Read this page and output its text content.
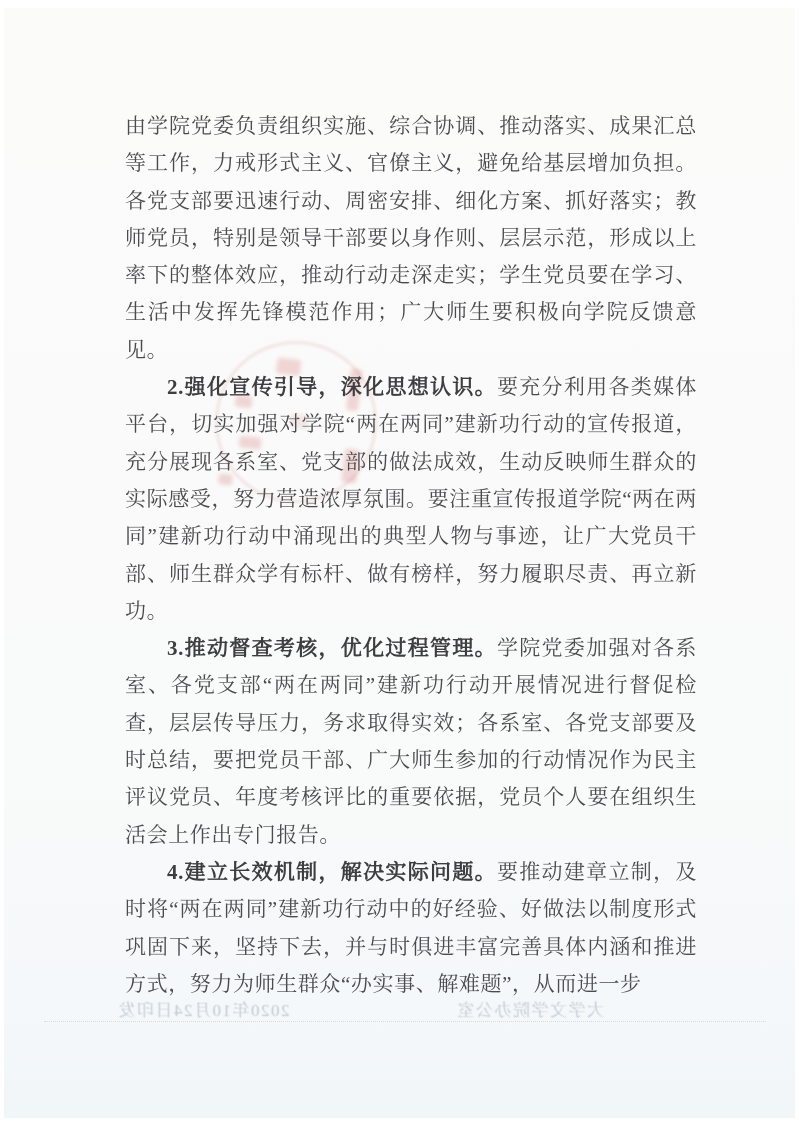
由学院党委负责组织实施、综合协调、推动落实、成果汇总等工作，力戒形式主义、官僚主义，避免给基层增加负担。各党支部要迅速行动、周密安排、细化方案、抓好落实；教师党员，特别是领导干部要以身作则、层层示范，形成以上率下的整体效应，推动行动走深走实；学生党员要在学习、生活中发挥先锋模范作用；广大师生要积极向学院反馈意见。

2.强化宣传引导，深化思想认识。要充分利用各类媒体平台，切实加强对学院“两在两同”建新功行动的宣传报道，充分展现各系室、党支部的做法成效，生动反映师生群众的实际感受，努力营造浓厚氛围。要注重宣传报道学院“两在两同”建新功行动中涌现出的典型人物与事迹，让广大党员干部、师生群众学有标杆、做有榜样，努力履职尽责、再立新功。

3.推动督查考核，优化过程管理。学院党委加强对各系室、各党支部“两在两同”建新功行动开展情况进行督促检查，层层传导压力，务求取得实效；各系室、各党支部要及时总结，要把党员干部、广大师生参加的行动情况作为民主评议党员、年度考核评比的重要依据，党员个人要在组织生活会上作出专门报告。

4.建立长效机制，解决实际问题。要推动建章立制，及时将“两在两同”建新功行动中的好经验、好做法以制度形式巩固下来，坚持下去，并与时俱进丰富完善具体内涵和推进方式，努力为师生群众“办实事、解难题”，从而进一步

2020年10月24日印发	大学文学院办公室
